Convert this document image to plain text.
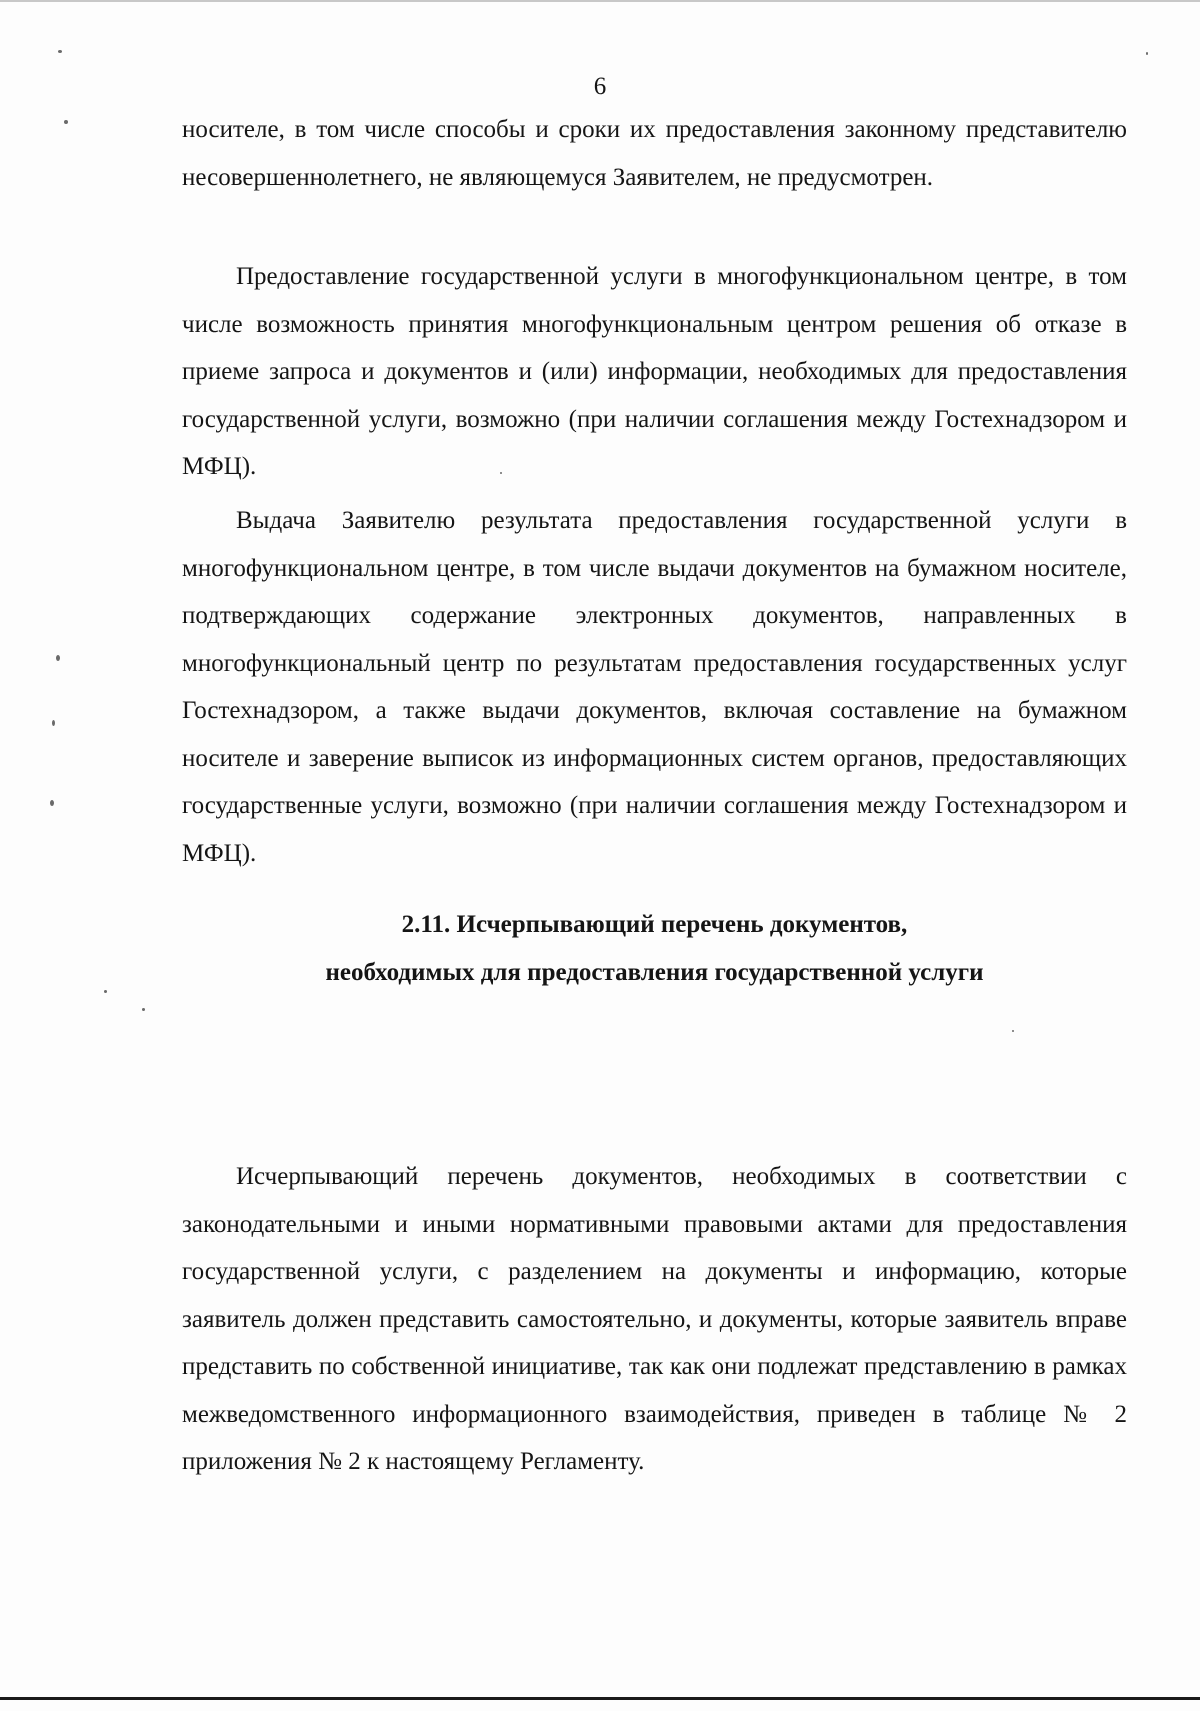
6

носителе, в том числе способы и сроки их предоставления законному представителю несовершеннолетнего, не являющемуся Заявителем, не предусмотрен.

Предоставление государственной услуги в многофункциональном центре, в том числе возможность принятия многофункциональным центром решения об отказе в приеме запроса и документов и (или) информации, необходимых для предоставления государственной услуги, возможно (при наличии соглашения между Гостехнадзором и МФЦ).

Выдача Заявителю результата предоставления государственной услуги в многофункциональном центре, в том числе выдачи документов на бумажном носителе, подтверждающих содержание электронных документов, направленных в многофункциональный центр по результатам предоставления государственных услуг Гостехнадзором, а также выдачи документов, включая составление на бумажном носителе и заверение выписок из информационных систем органов, предоставляющих государственные услуги, возможно (при наличии соглашения между Гостехнадзором и МФЦ).

2.11. Исчерпывающий перечень документов,
необходимых для предоставления государственной услуги

Исчерпывающий перечень документов, необходимых в соответствии с законодательными и иными нормативными правовыми актами для предоставления государственной услуги, с разделением на документы и информацию, которые заявитель должен представить самостоятельно, и документы, которые заявитель вправе представить по собственной инициативе, так как они подлежат представлению в рамках межведомственного информационного взаимодействия, приведен в таблице № 2 приложения № 2 к настоящему Регламенту.
